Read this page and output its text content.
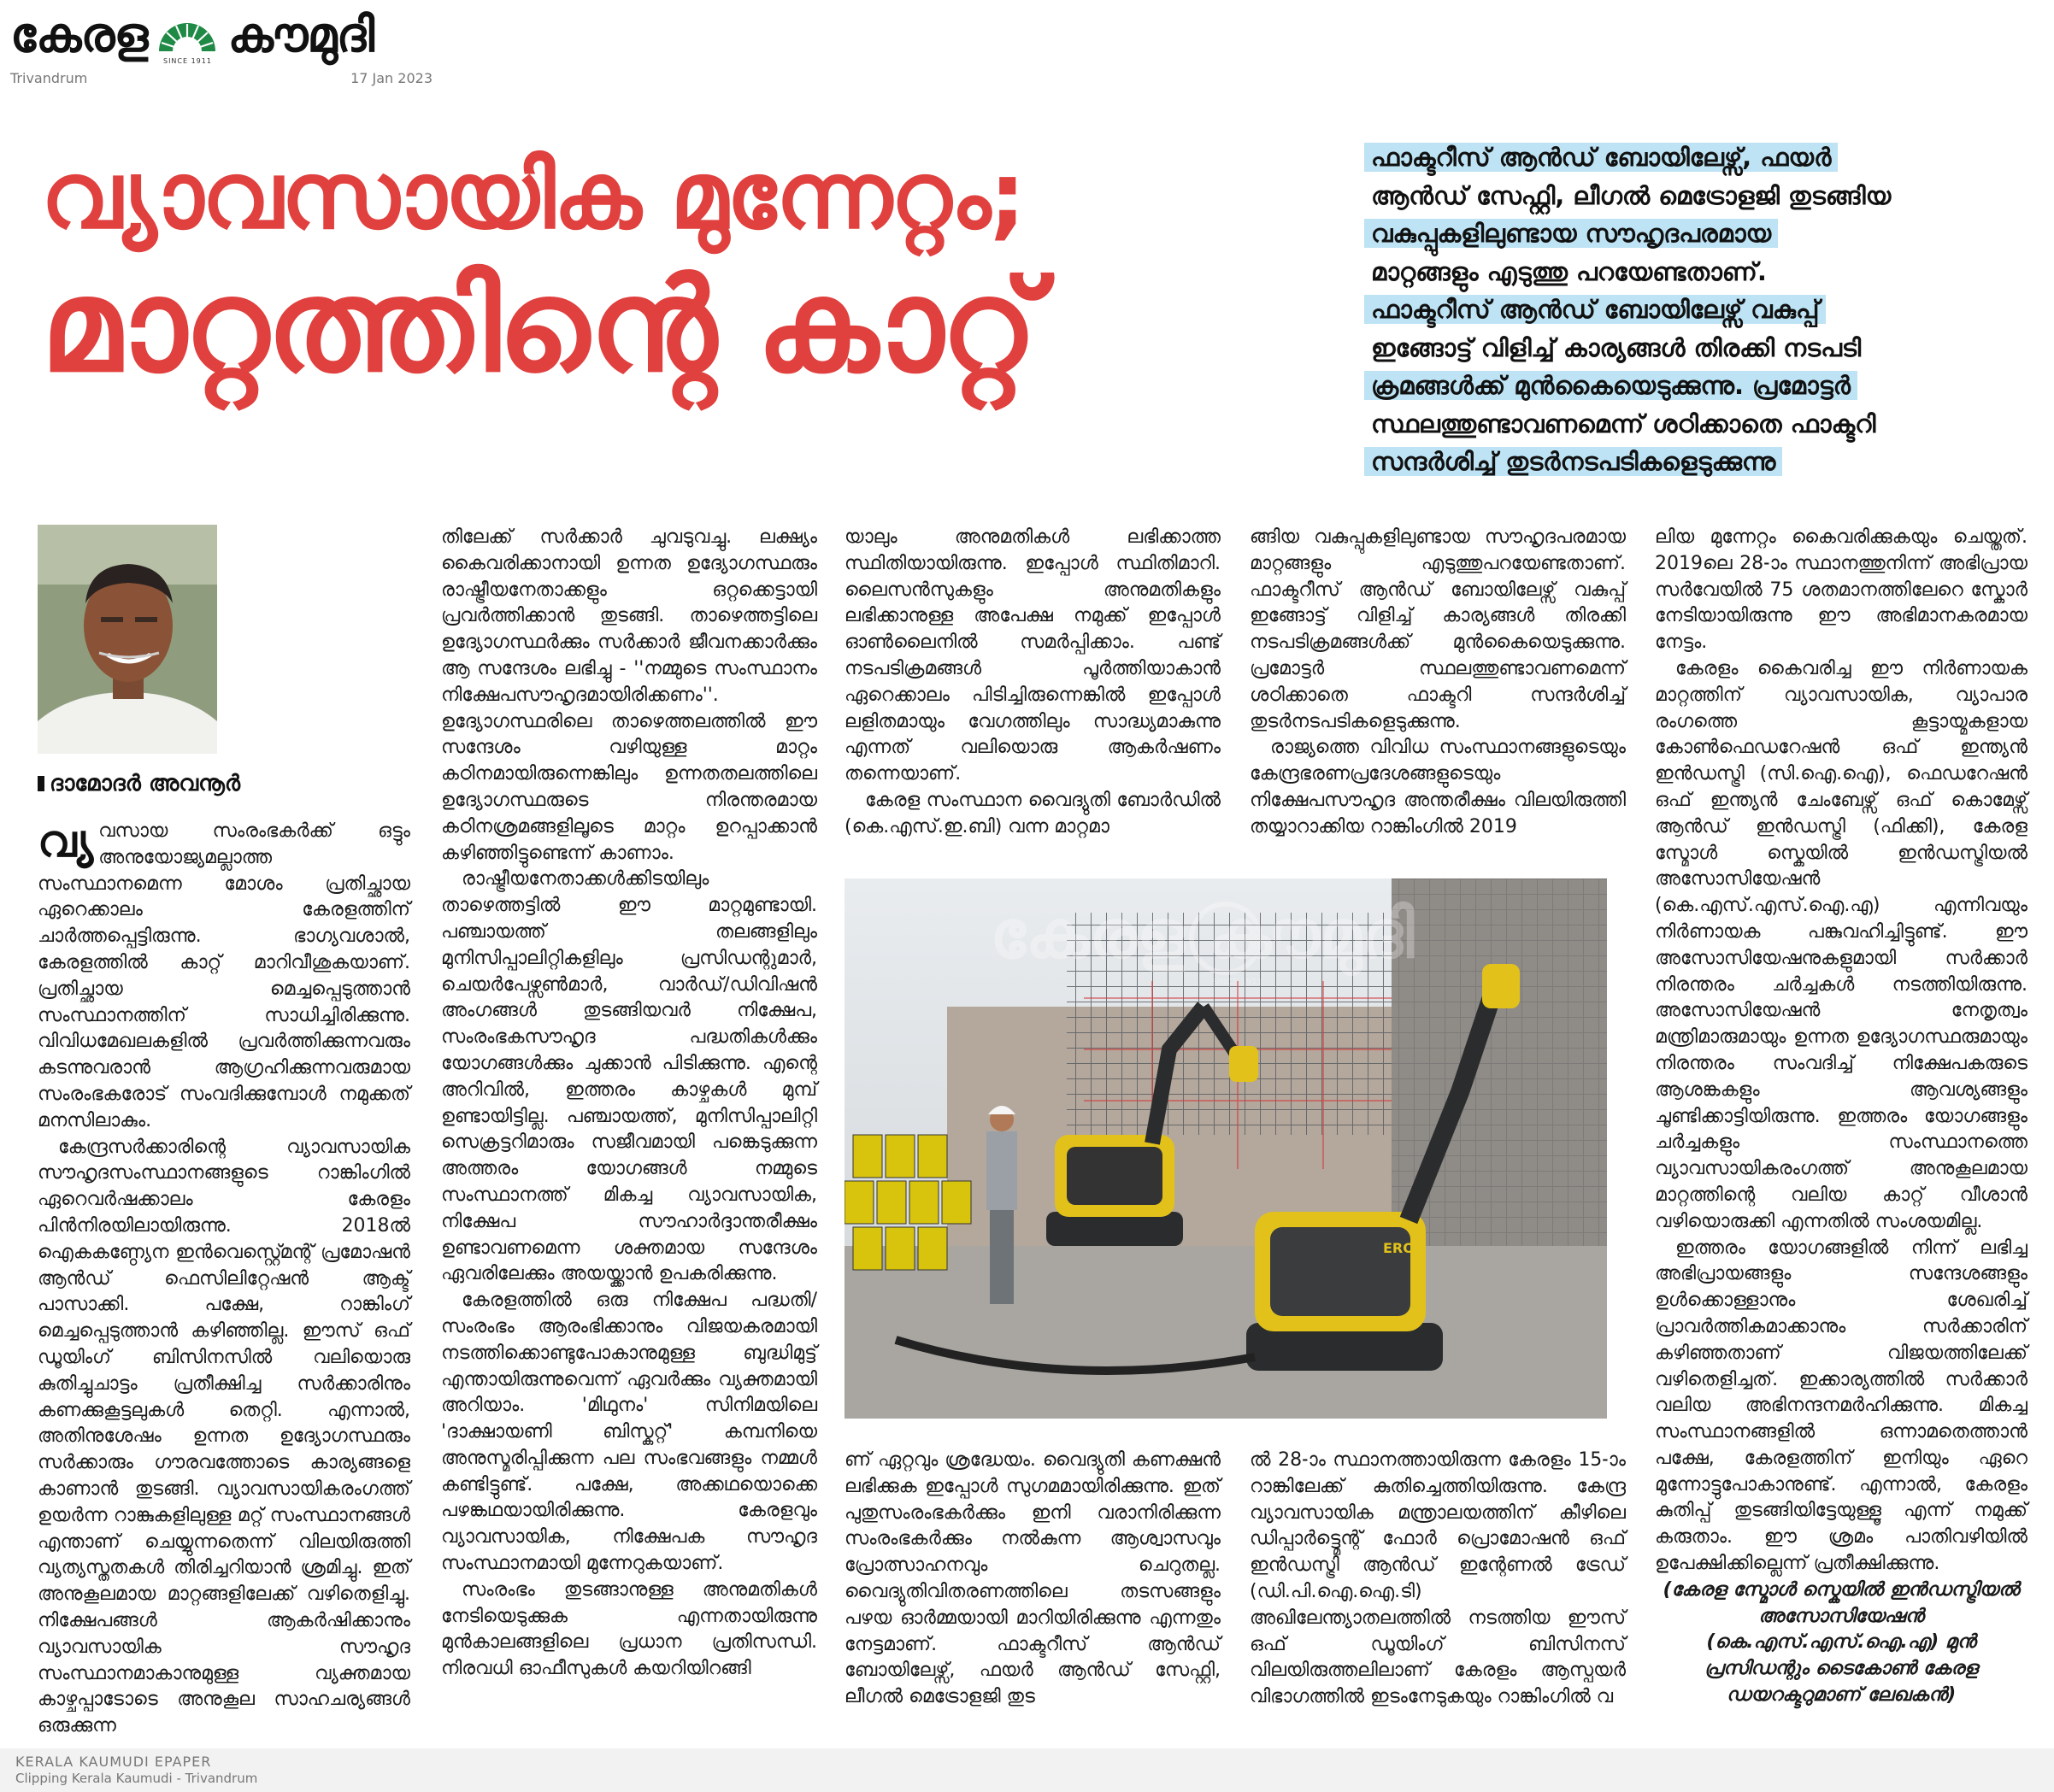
കേരള	SINCE 1911 കൗമുദി
Trivandrum	17 Jan 2023
വ്യാവസായിക മുന്നേറ്റം;
മാറ്റത്തിന്റെ കാറ്റ്
ഫാക്ടറീസ് ആൻഡ് ബോയിലേഴ്സ്, ഫയർ
ആൻഡ് സേഫ്റ്റി, ലീഗൽ മെട്രോളജി തുടങ്ങിയ
വകുപ്പുകളിലുണ്ടായ സൗഹൃദപരമായ
മാറ്റങ്ങളും എടുത്തു പറയേണ്ടതാണ്.
ഫാക്ടറീസ് ആൻഡ് ബോയിലേഴ്സ് വകുപ്പ്
ഇങ്ങോട്ട് വിളിച്ച് കാര്യങ്ങൾ തിരക്കി നടപടി
ക്രമങ്ങൾക്ക് മുൻകൈയെടുക്കുന്നു. പ്രമോട്ടർ
സ്ഥലത്തുണ്ടാവണമെന്ന് ശഠിക്കാതെ ഫാക്ടറി
സന്ദർശിച്ച് തുടർനടപടികളെടുക്കുന്നു
ദാമോദർ അവനൂർ

വ്യ വസായ സംരംഭകർക്ക് ഒട്ടും അനുയോജ്യമല്ലാത്ത സംസ്ഥാനമെന്ന മോശം പ്രതിച്ഛായ ഏറെക്കാലം കേരളത്തിന് ചാർത്തപ്പെട്ടിരുന്നു. ഭാഗ്യവശാൽ, കേരളത്തിൽ കാറ്റ് മാറിവീശുകയാണ്. പ്രതിച്ഛായ മെച്ചപ്പെടുത്താൻ സംസ്ഥാനത്തിന് സാധിച്ചിരിക്കുന്നു. വിവിധമേഖലകളിൽ പ്രവർത്തിക്കുന്നവരും കടന്നുവരാൻ ആഗ്രഹിക്കുന്നവരുമായ സംരംഭകരോട് സംവദിക്കുമ്പോൾ നമുക്കത് മനസിലാകും.

കേന്ദ്രസർക്കാരിന്റെ വ്യാവസായിക സൗഹൃദസംസ്ഥാനങ്ങളുടെ റാങ്കിംഗിൽ ഏറെവർഷക്കാലം കേരളം പിൻനിരയിലായിരുന്നു. 2018ൽ ഐകകണ്ഠ്യേന ഇൻവെസ്റ്റ്മെന്റ് പ്രമോഷൻ ആൻഡ് ഫെസിലിറ്റേഷൻ ആക്ട് പാസാക്കി. പക്ഷേ, റാങ്കിംഗ് മെച്ചപ്പെടുത്താൻ കഴിഞ്ഞില്ല. ഈസ് ഒഫ് ഡൂയിംഗ് ബിസിനസിൽ വലിയൊരു കുതിച്ചുചാട്ടം പ്രതീക്ഷിച്ച സർക്കാരിനും കണക്കുകൂട്ടലുകൾ തെറ്റി. എന്നാൽ, അതിനുശേഷം ഉന്നത ഉദ്യോഗസ്ഥരും സർക്കാരും ഗൗരവത്തോടെ കാര്യങ്ങളെ കാണാൻ തുടങ്ങി. വ്യാവസായികരംഗത്ത് ഉയർന്ന റാങ്കുകളിലുള്ള മറ്റ് സംസ്ഥാനങ്ങൾ എന്താണ് ചെയ്യുന്നതെന്ന് വിലയിരുത്തി വ്യത്യസ്തതകൾ തിരിച്ചറിയാൻ ശ്രമിച്ചു. ഇത് അനുകൂലമായ മാറ്റങ്ങളിലേക്ക് വഴിതെളിച്ചു. നിക്ഷേപങ്ങൾ ആകർഷിക്കാനും വ്യാവസായിക സൗഹൃദ സംസ്ഥാനമാകാനുമുള്ള വ്യക്തമായ കാഴ്ചപ്പാടോടെ അനുകൂല സാഹചര്യങ്ങൾ ഒരുക്കുന്ന

തിലേക്ക് സർക്കാർ ചുവടുവച്ചു. ലക്ഷ്യം കൈവരിക്കാനായി ഉന്നത ഉദ്യോഗസ്ഥരും രാഷ്ട്രീയനേതാക്കളും ഒറ്റക്കെട്ടായി പ്രവർത്തിക്കാൻ തുടങ്ങി. താഴെത്തട്ടിലെ ഉദ്യോഗസ്ഥർക്കും സർക്കാർ ജീവനക്കാർക്കും ആ സന്ദേശം ലഭിച്ചു - ''നമ്മുടെ സംസ്ഥാനം നിക്ഷേപസൗഹൃദമായിരിക്കണം''. ഉദ്യോഗസ്ഥരിലെ താഴെത്തലത്തിൽ ഈ സന്ദേശം വഴിയുള്ള മാറ്റം കഠിനമായിരുന്നെങ്കിലും ഉന്നതതലത്തിലെ ഉദ്യോഗസ്ഥരുടെ നിരന്തരമായ കഠിനശ്രമങ്ങളിലൂടെ മാറ്റം ഉറപ്പാക്കാൻ കഴിഞ്ഞിട്ടുണ്ടെന്ന് കാണാം.

രാഷ്ട്രീയനേതാക്കൾക്കിടയിലും താഴെത്തട്ടിൽ ഈ മാറ്റമുണ്ടായി. പഞ്ചായത്ത് തലങ്ങളിലും മുനിസിപ്പാലിറ്റികളിലും പ്രസിഡന്റുമാർ, ചെയർപേഴ്സൺമാർ, വാർഡ്/ഡിവിഷൻ അംഗങ്ങൾ തുടങ്ങിയവർ നിക്ഷേപ, സംരംഭകസൗഹൃദ പദ്ധതികൾക്കും യോഗങ്ങൾക്കും ചുക്കാൻ പിടിക്കുന്നു. എന്റെ അറിവിൽ, ഇത്തരം കാഴ്ചകൾ മുമ്പ് ഉണ്ടായിട്ടില്ല. പഞ്ചായത്ത്, മുനിസിപ്പാലിറ്റി സെക്രട്ടറിമാരും സജീവമായി പങ്കെടുക്കുന്ന അത്തരം യോഗങ്ങൾ നമ്മുടെ സംസ്ഥാനത്ത് മികച്ച വ്യാവസായിക, നിക്ഷേപ സൗഹാർദ്ദാന്തരീക്ഷം ഉണ്ടാവണമെന്ന ശക്തമായ സന്ദേശം ഏവരിലേക്കും അയയ്ക്കാൻ ഉപകരിക്കുന്നു.

കേരളത്തിൽ ഒരു നിക്ഷേപ പദ്ധതി/സംരംഭം ആരംഭിക്കാനും വിജയകരമായി നടത്തിക്കൊണ്ടുപോകാനുമുള്ള ബുദ്ധിമുട്ട് എന്തായിരുന്നുവെന്ന് ഏവർക്കും വ്യക്തമായി അറിയാം. 'മിഥുനം' സിനിമയിലെ 'ദാക്ഷായണി ബിസ്കറ്റ്' കമ്പനിയെ അനുസ്മരിപ്പിക്കുന്ന പല സംഭവങ്ങളും നമ്മൾ കണ്ടിട്ടുണ്ട്. പക്ഷേ, അക്കഥയൊക്കെ പഴങ്കഥയായിരിക്കുന്നു. കേരളവും വ്യാവസായിക, നിക്ഷേപക സൗഹൃദ സംസ്ഥാനമായി മുന്നേറുകയാണ്.

സംരംഭം തുടങ്ങാനുള്ള അനുമതികൾ നേടിയെടുക്കുക എന്നതായിരുന്നു മുൻകാലങ്ങളിലെ പ്രധാന പ്രതിസന്ധി. നിരവധി ഓഫീസുകൾ കയറിയിറങ്ങി

യാലും അനുമതികൾ ലഭിക്കാത്ത സ്ഥിതിയായിരുന്നു. ഇപ്പോൾ സ്ഥിതിമാറി. ലൈസൻസുകളും അനുമതികളും ലഭിക്കാനുള്ള അപേക്ഷ നമുക്ക് ഇപ്പോൾ ഓൺലൈനിൽ സമർപ്പിക്കാം. പണ്ട് നടപടിക്രമങ്ങൾ പൂർത്തിയാകാൻ ഏറെക്കാലം പിടിച്ചിരുന്നെങ്കിൽ ഇപ്പോൾ ലളിതമായും വേഗത്തിലും സാദ്ധ്യമാകുന്നു എന്നത് വലിയൊരു ആകർഷണം തന്നെയാണ്.

കേരള സംസ്ഥാന വൈദ്യുതി ബോർഡിൽ (കെ.എസ്.ഇ.ബി) വന്ന മാറ്റമാ

ങ്ങിയ വകുപ്പുകളിലുണ്ടായ സൗഹൃദപരമായ മാറ്റങ്ങളും എടുത്തുപറയേണ്ടതാണ്. ഫാക്ടറീസ് ആൻഡ് ബോയിലേഴ്സ് വകുപ്പ് ഇങ്ങോട്ട് വിളിച്ച് കാര്യങ്ങൾ തിരക്കി നടപടിക്രമങ്ങൾക്ക് മുൻകൈയെടുക്കുന്നു. പ്രമോട്ടർ സ്ഥലത്തുണ്ടാവണമെന്ന് ശഠിക്കാതെ ഫാക്ടറി സന്ദർശിച്ച് തുടർനടപടികളെടുക്കുന്നു.

രാജ്യത്തെ വിവിധ സംസ്ഥാനങ്ങളുടെയും കേന്ദ്രഭരണപ്രദേശങ്ങളുടെയും നിക്ഷേപസൗഹൃദ അന്തരീക്ഷം വിലയിരുത്തി തയ്യാറാക്കിയ റാങ്കിംഗിൽ 2019

ERO
കേരള കൗമുദി
SINCE 1911

ണ് ഏറ്റവും ശ്രദ്ധേയം. വൈദ്യുതി കണക്ഷൻ ലഭിക്കുക ഇപ്പോൾ സുഗമമായിരിക്കുന്നു. ഇത് പുതുസംരംഭകർക്കും ഇനി വരാനിരിക്കുന്ന സംരംഭകർക്കും നൽകുന്ന ആശ്വാസവും പ്രോത്സാഹനവും ചെറുതല്ല. വൈദ്യുതിവിതരണത്തിലെ തടസങ്ങളും പഴയ ഓർമ്മയായി മാറിയിരിക്കുന്നു എന്നതും നേട്ടമാണ്. ഫാക്ടറീസ് ആൻഡ് ബോയിലേഴ്സ്, ഫയർ ആൻഡ് സേഫ്റ്റി, ലീഗൽ മെട്രോളജി തുട

ൽ 28-ാം സ്ഥാനത്തായിരുന്ന കേരളം 15-ാം റാങ്കിലേക്ക് കുതിച്ചെത്തിയിരുന്നു. കേന്ദ്ര വ്യാവസായിക മന്ത്രാലയത്തിന് കീഴിലെ ഡിപ്പാർട്ട്മെന്റ് ഫോർ പ്രൊമോഷൻ ഒഫ് ഇൻഡസ്ട്രി ആൻഡ് ഇന്റേണൽ ട്രേഡ് (ഡി.പി.ഐ.ഐ.ടി) അഖിലേന്ത്യാതലത്തിൽ നടത്തിയ ഈസ് ഒഫ് ഡൂയിംഗ് ബിസിനസ് വിലയിരുത്തലിലാണ് കേരളം ആസ്പയർ വിഭാഗത്തിൽ ഇടംനേടുകയും റാങ്കിംഗിൽ വ

ലിയ മുന്നേറ്റം കൈവരിക്കുകയും ചെയ്തത്. 2019ലെ 28-ാം സ്ഥാനത്തുനിന്ന് അഭിപ്രായ സർവേയിൽ 75 ശതമാനത്തിലേറെ സ്കോർ നേടിയായിരുന്നു ഈ അഭിമാനകരമായ നേട്ടം.

കേരളം കൈവരിച്ച ഈ നിർണായക മാറ്റത്തിന് വ്യാവസായിക, വ്യാപാര രംഗത്തെ കൂട്ടായ്മകളായ കോൺഫെഡറേഷൻ ഒഫ് ഇന്ത്യൻ ഇൻഡസ്ട്രി (സി.ഐ.ഐ), ഫെഡറേഷൻ ഒഫ് ഇന്ത്യൻ ചേംബേഴ്സ് ഒഫ് കൊമേഴ്സ് ആൻഡ് ഇൻഡസ്ട്രി (ഫിക്കി), കേരള സ്മോൾ സ്കെയിൽ ഇൻഡസ്ട്രിയൽ അസോസിയേഷൻ (കെ.എസ്.എസ്.ഐ.എ) എന്നിവയും നിർണായക പങ്കുവഹിച്ചിട്ടുണ്ട്. ഈ അസോസിയേഷനുകളുമായി സർക്കാർ നിരന്തരം ചർച്ചകൾ നടത്തിയിരുന്നു. അസോസിയേഷൻ നേതൃത്വം മന്ത്രിമാരുമായും ഉന്നത ഉദ്യോഗസ്ഥരുമായും നിരന്തരം സംവദിച്ച് നിക്ഷേപകരുടെ ആശങ്കകളും ആവശ്യങ്ങളും ചൂണ്ടിക്കാട്ടിയിരുന്നു. ഇത്തരം യോഗങ്ങളും ചർച്ചകളും സംസ്ഥാനത്തെ വ്യാവസായികരംഗത്ത് അനുകൂലമായ മാറ്റത്തിന്റെ വലിയ കാറ്റ് വീശാൻ വഴിയൊരുക്കി എന്നതിൽ സംശയമില്ല.

ഇത്തരം യോഗങ്ങളിൽ നിന്ന് ലഭിച്ച അഭിപ്രായങ്ങളും സന്ദേശങ്ങളും ഉൾക്കൊള്ളാനും ശേഖരിച്ച് പ്രാവർത്തികമാക്കാനും സർക്കാരിന് കഴിഞ്ഞതാണ് വിജയത്തിലേക്ക് വഴിതെളിച്ചത്. ഇക്കാര്യത്തിൽ സർക്കാർ വലിയ അഭിനന്ദനമർഹിക്കുന്നു. മികച്ച സംസ്ഥാനങ്ങളിൽ ഒന്നാമതെത്താൻ പക്ഷേ, കേരളത്തിന് ഇനിയും ഏറെ മുന്നോട്ടുപോകാനുണ്ട്. എന്നാൽ, കേരളം കുതിപ്പ് തുടങ്ങിയിട്ടേയുള്ളൂ എന്ന് നമുക്ക് കരുതാം. ഈ ശ്രമം പാതിവഴിയിൽ ഉപേക്ഷിക്കില്ലെന്ന് പ്രതീക്ഷിക്കുന്നു.

(കേരള സ്മോൾ സ്കെയിൽ ഇൻഡസ്ട്രിയൽ അസോസിയേഷൻ (കെ.എസ്.എസ്.ഐ.എ) മുൻ പ്രസിഡന്റും ടൈകോൺ കേരള ഡയറക്ടറുമാണ് ലേഖകൻ)

KERALA KAUMUDI EPAPER
Clipping Kerala Kaumudi - Trivandrum
